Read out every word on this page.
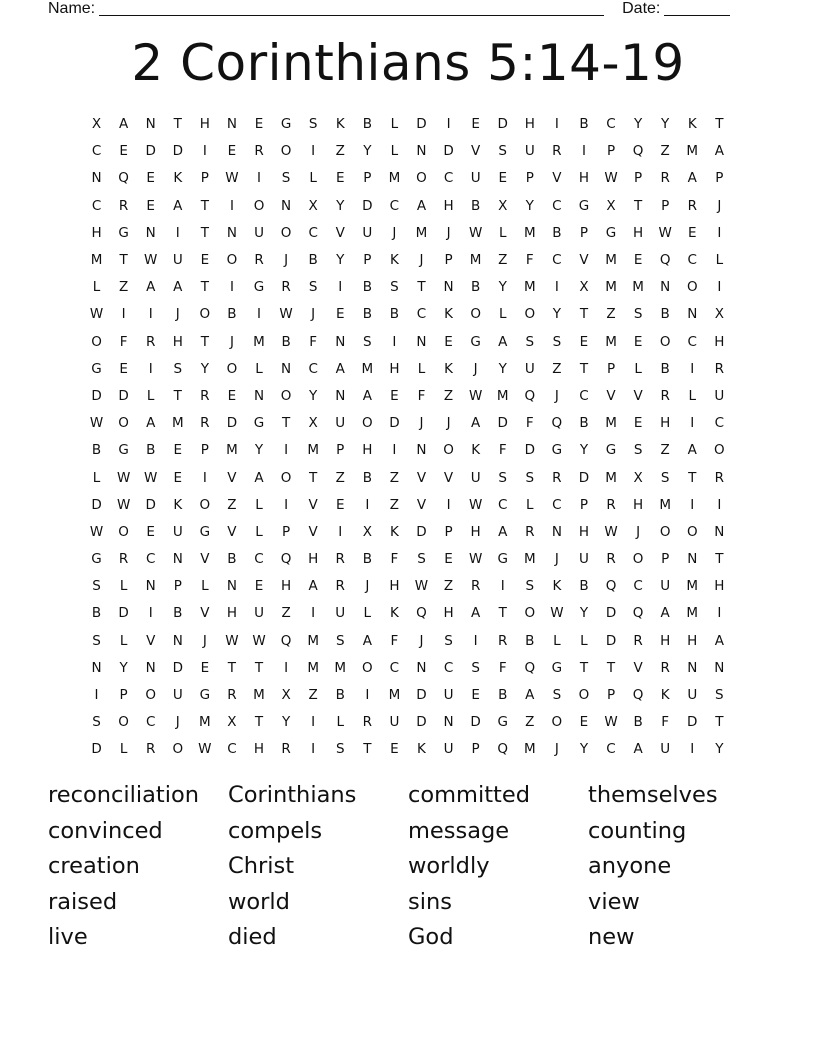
Name:	Date:
2 Corinthians 5:14-19
X	A	N	T	H	N	E	G	S	K	B	L	D	I	E	D	H	I	B	C	Y	Y	K	T
C	E	D	D	I	E	R	O	I	Z	Y	L	N	D	V	S	U	R	I	P	Q	Z	M	A
N	Q	E	K	P	W	I	S	L	E	P	M	O	C	U	E	P	V	H	W	P	R	A	P
C	R	E	A	T	I	O	N	X	Y	D	C	A	H	B	X	Y	C	G	X	T	P	R	J
H	G	N	I	T	N	U	O	C	V	U	J	M	J	W	L	M	B	P	G	H	W	E	I
M	T	W	U	E	O	R	J	B	Y	P	K	J	P	M	Z	F	C	V	M	E	Q	C	L
L	Z	A	A	T	I	G	R	S	I	B	S	T	N	B	Y	M	I	X	M	M	N	O	I
W	I	I	J	O	B	I	W	J	E	B	B	C	K	O	L	O	Y	T	Z	S	B	N	X
O	F	R	H	T	J	M	B	F	N	S	I	N	E	G	A	S	S	E	M	E	O	C	H
G	E	I	S	Y	O	L	N	C	A	M	H	L	K	J	Y	U	Z	T	P	L	B	I	R
D	D	L	T	R	E	N	O	Y	N	A	E	F	Z	W	M	Q	J	C	V	V	R	L	U
W	O	A	M	R	D	G	T	X	U	O	D	J	J	A	D	F	Q	B	M	E	H	I	C
B	G	B	E	P	M	Y	I	M	P	H	I	N	O	K	F	D	G	Y	G	S	Z	A	O
L	W	W	E	I	V	A	O	T	Z	B	Z	V	V	U	S	S	R	D	M	X	S	T	R
D	W	D	K	O	Z	L	I	V	E	I	Z	V	I	W	C	L	C	P	R	H	M	I	I
W	O	E	U	G	V	L	P	V	I	X	K	D	P	H	A	R	N	H	W	J	O	O	N
G	R	C	N	V	B	C	Q	H	R	B	F	S	E	W	G	M	J	U	R	O	P	N	T
S	L	N	P	L	N	E	H	A	R	J	H	W	Z	R	I	S	K	B	Q	C	U	M	H
B	D	I	B	V	H	U	Z	I	U	L	K	Q	H	A	T	O	W	Y	D	Q	A	M	I
S	L	V	N	J	W	W	Q	M	S	A	F	J	S	I	R	B	L	L	D	R	H	H	A
N	Y	N	D	E	T	T	I	M	M	O	C	N	C	S	F	Q	G	T	T	V	R	N	N
I	P	O	U	G	R	M	X	Z	B	I	M	D	U	E	B	A	S	O	P	Q	K	U	S
S	O	C	J	M	X	T	Y	I	L	R	U	D	N	D	G	Z	O	E	W	B	F	D	T
D	L	R	O	W	C	H	R	I	S	T	E	K	U	P	Q	M	J	Y	C	A	U	I	Y
reconciliation	Corinthians	committed	themselves
convinced	compels	message	counting
creation	Christ	worldly	anyone
raised	world	sins	view
live	died	God	new
